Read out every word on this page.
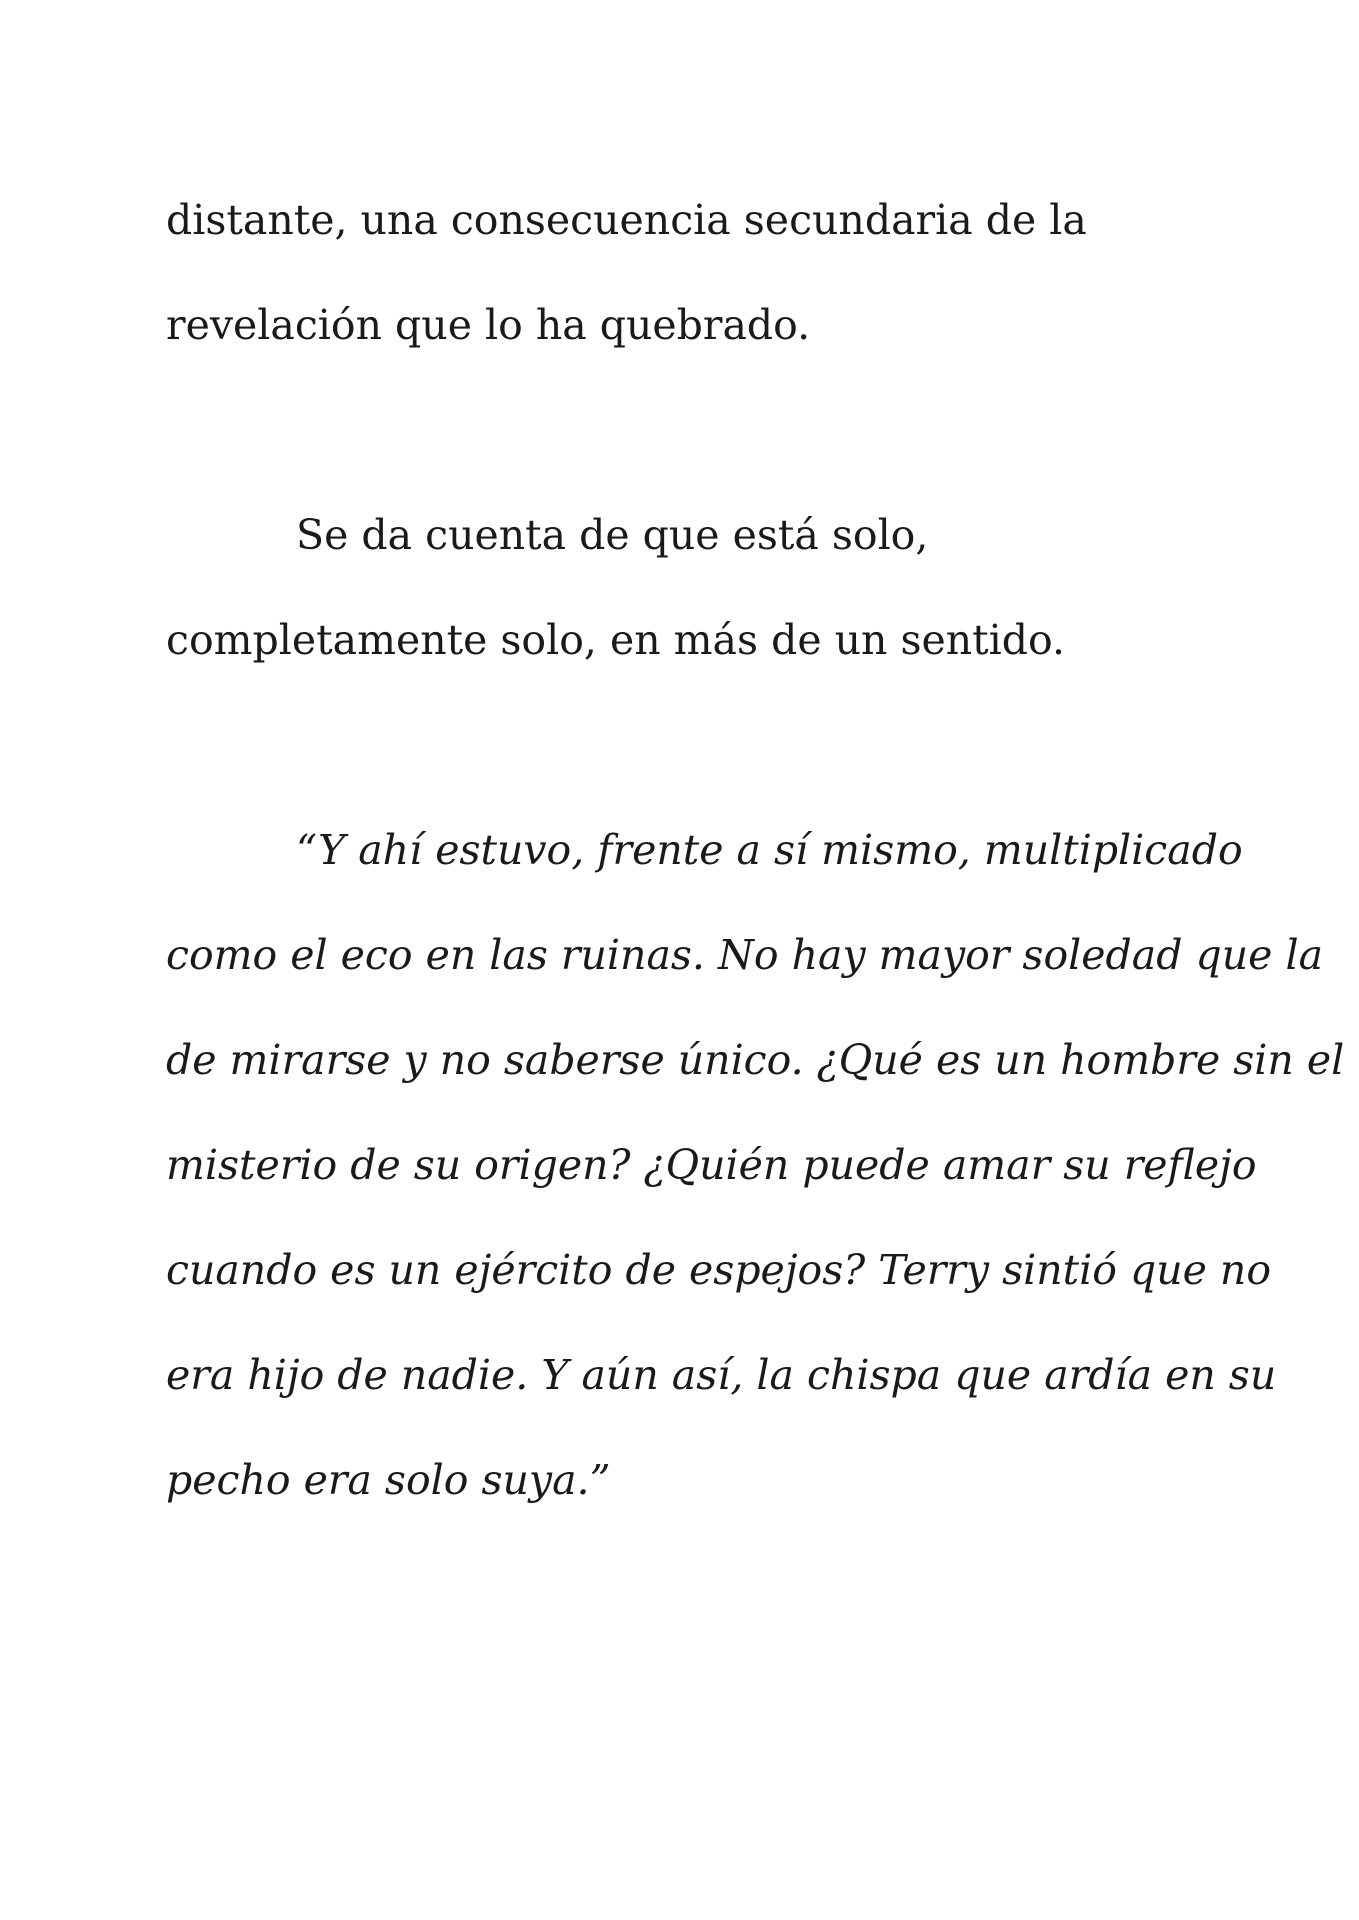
distante, una consecuencia secundaria de la
revelación que lo ha quebrado.
Se da cuenta de que está solo,
completamente solo, en más de un sentido.
“Y ahí estuvo, frente a sí mismo, multiplicado
como el eco en las ruinas. No hay mayor soledad que la
de mirarse y no saberse único. ¿Qué es un hombre sin el
misterio de su origen? ¿Quién puede amar su reflejo
cuando es un ejército de espejos? Terry sintió que no
era hijo de nadie. Y aún así, la chispa que ardía en su
pecho era solo suya.”
